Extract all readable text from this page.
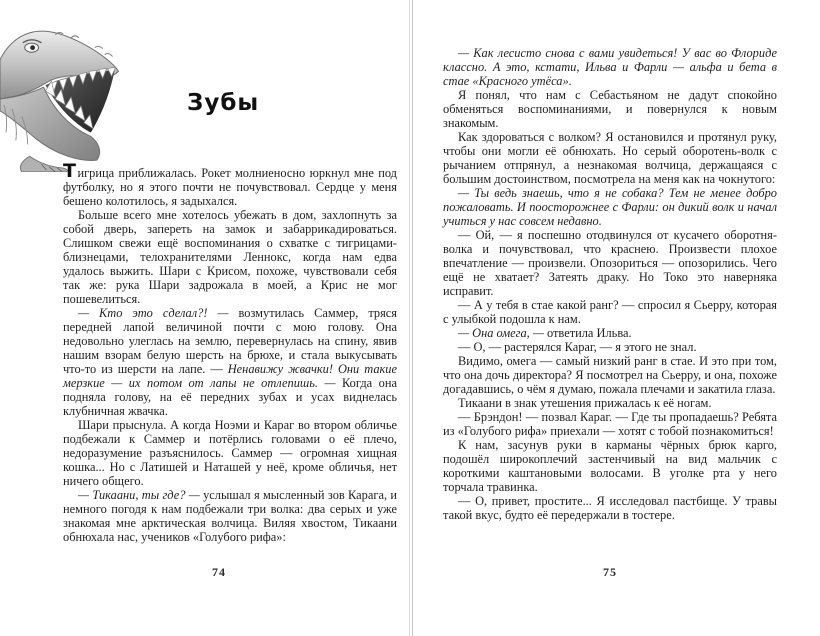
Зубы

Тигрица приближалась. Рокет молниеносно юркнул мне под футболку, но я этого почти не почувствовал. Сердце у меня бешено колотилось, я задыхался.

Больше всего мне хотелось убежать в дом, захлопнуть за собой дверь, запереть на замок и забаррикадироваться. Слишком свежи ещё воспоминания о схватке с тигрицами-близнецами, телохранителями Леннокс, когда нам едва удалось выжить. Шари с Крисом, похоже, чувствовали себя так же: рука Шари задрожала в моей, а Крис не мог пошевелиться.

— Кто это сделал?! — возмутилась Саммер, тряся передней лапой величиной почти с мою голову. Она недовольно улеглась на землю, перевернулась на спину, явив нашим взорам белую шерсть на брюхе, и стала выкусывать что-то из шерсти на лапе. — Ненавижу жвачки! Они такие мерзкие — их потом от лапы не отлепишь. — Когда она подняла голову, на её передних зубах и усах виднелась клубничная жвачка.

Шари прыснула. А когда Ноэми и Караг во втором обличье подбежали к Саммер и потёрлись головами о её плечо, недоразумение разъяснилось. Саммер — огромная хищная кошка... Но с Латишей и Наташей у неё, кроме обличья, нет ничего общего.

— Тикаани, ты где? — услышал я мысленный зов Карага, и немного погодя к нам подбежали три волка: два серых и уже знакомая мне арктическая волчица. Виляя хвостом, Тикаани обнюхала нас, учеников «Голубого рифа»:

— Как лесисто снова с вами увидеться! У вас во Флориде классно. А это, кстати, Ильва и Фарли — альфа и бета в стае «Красного утёса».

Я понял, что нам с Себастьяном не дадут спокойно обменяться воспоминаниями, и повернулся к новым знакомым.

Как здороваться с волком? Я остановился и протянул руку, чтобы они могли её обнюхать. Но серый оборотень-волк с рычанием отпрянул, а незнакомая волчица, держащаяся с большим достоинством, посмотрела на меня как на чокнутого:

— Ты ведь знаешь, что я не собака? Тем не менее добро пожаловать. И поосторожнее с Фарли: он дикий волк и начал учиться у нас совсем недавно.

— Ой, — я поспешно отодвинулся от кусачего оборотня-волка и почувствовал, что краснею. Произвести плохое впечатление — произвели. Опозориться — опозорились. Чего ещё не хватает? Затеять драку. Но Токо это наверняка исправит.

— А у тебя в стае какой ранг? — спросил я Сьерру, которая с улыбкой подошла к нам.

— Она омега, — ответила Ильва.

— О, — растерялся Караг, — я этого не знал.

Видимо, омега — самый низкий ранг в стае. И это при том, что она дочь директора? Я посмотрел на Сьерру, и она, похоже догадавшись, о чём я думаю, пожала плечами и закатила глаза.

Тикаани в знак утешения прижалась к её ногам.

— Брэндон! — позвал Караг. — Где ты пропадаешь? Ребята из «Голубого рифа» приехали — хотят с тобой познакомиться!

К нам, засунув руки в карманы чёрных брюк карго, подошёл широкоплечий застенчивый на вид мальчик с короткими каштановыми волосами. В уголке рта у него торчала травинка.

— О, привет, простите... Я исследовал пастбище. У травы такой вкус, будто её передержали в тостере.

74	75
